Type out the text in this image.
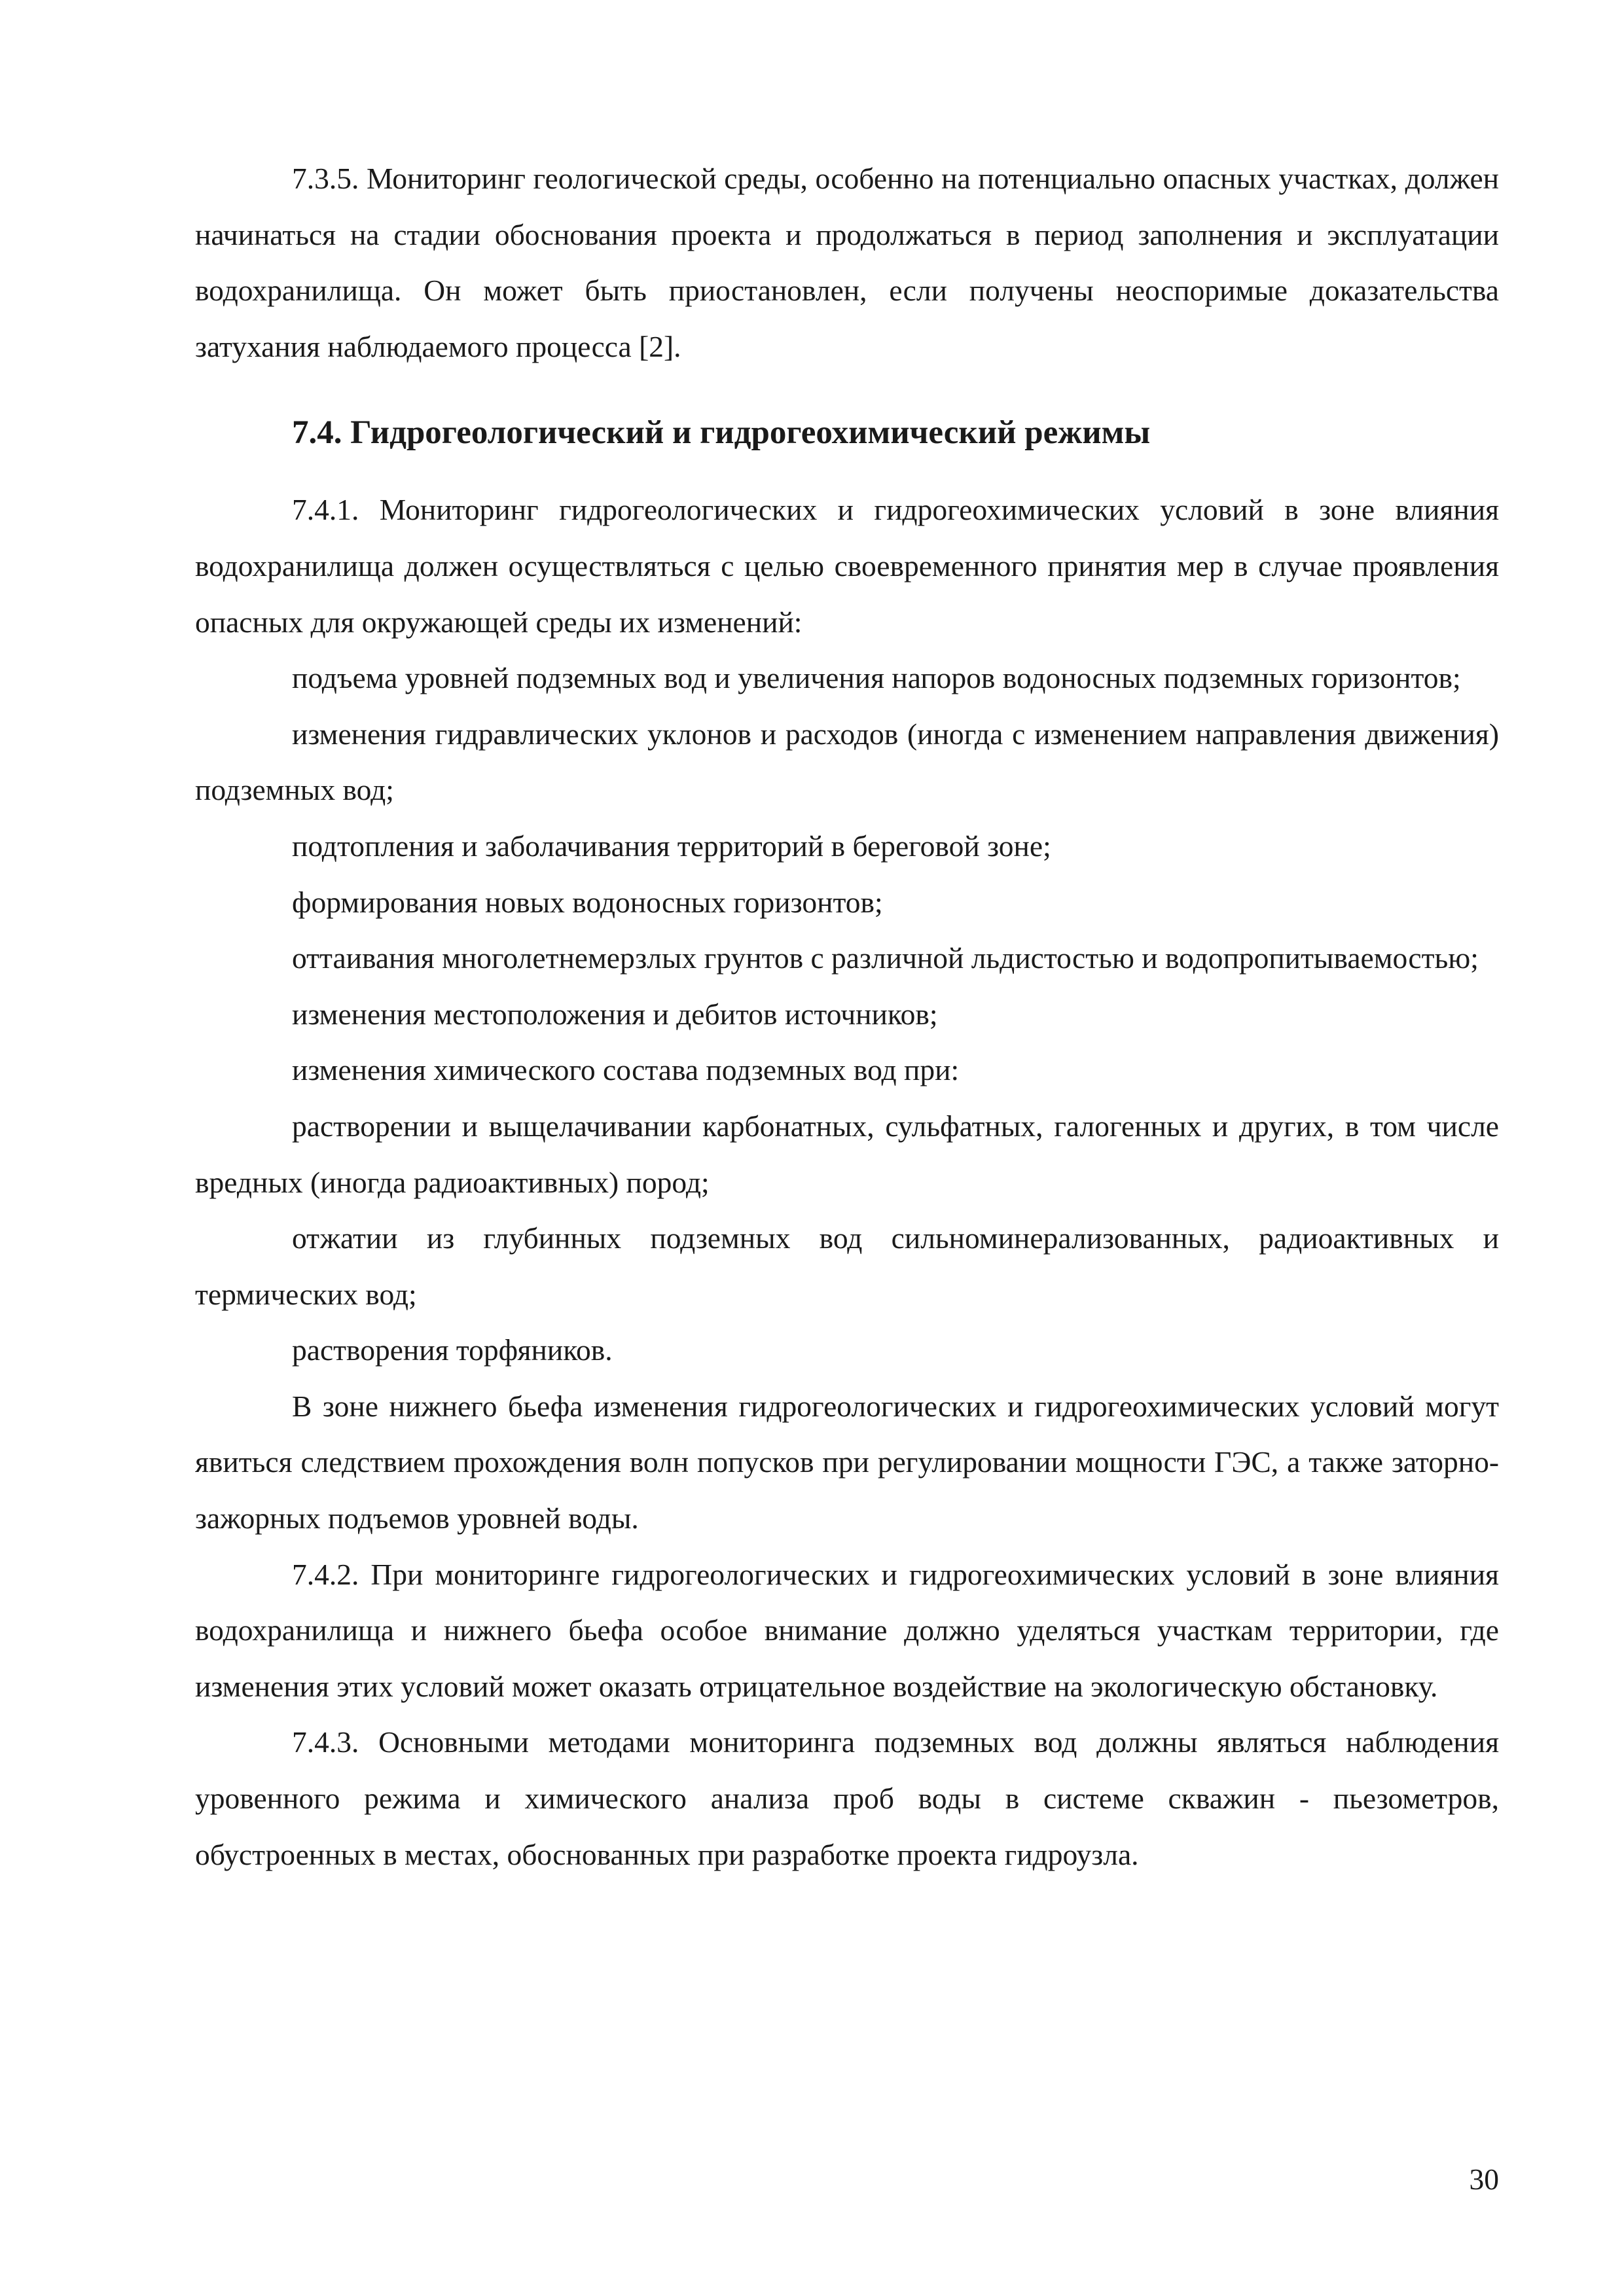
7.3.5. Мониторинг геологической среды, особенно на потенциально опасных участках, должен начинаться на стадии обоснования проекта и продолжаться в период заполнения и эксплуатации водохранилища. Он может быть приостановлен, если получены неоспоримые доказательства затухания наблюдаемого процесса [2].

7.4. Гидрогеологический и гидрогеохимический режимы

7.4.1. Мониторинг гидрогеологических и гидрогеохимических условий в зоне влияния водохранилища должен осуществляться с целью своевременного принятия мер в случае проявления опасных для окружающей среды их изменений:

подъема уровней подземных вод и увеличения напоров водоносных подземных горизонтов;

изменения гидравлических уклонов и расходов (иногда с изменением направления движения) подземных вод;

подтопления и заболачивания территорий в береговой зоне;

формирования новых водоносных горизонтов;

оттаивания многолетнемерзлых грунтов с различной льдистостью и водопропитываемостью;

изменения местоположения и дебитов источников;

изменения химического состава подземных вод при:

растворении и выщелачивании карбонатных, сульфатных, галогенных и других, в том числе вредных (иногда радиоактивных) пород;

отжатии из глубинных подземных вод сильноминерализованных, радиоактивных и термических вод;

растворения торфяников.

В зоне нижнего бьефа изменения гидрогеологических и гидрогеохимических условий могут явиться следствием прохождения волн попусков при регулировании мощности ГЭС, а также заторно-зажорных подъемов уровней воды.

7.4.2. При мониторинге гидрогеологических и гидрогеохимических условий в зоне влияния водохранилища и нижнего бьефа особое внимание должно уделяться участкам территории, где изменения этих условий может оказать отрицательное воздействие на экологическую обстановку.

7.4.3. Основными методами мониторинга подземных вод должны являться наблюдения уровенного режима и химического анализа проб воды в системе скважин - пьезометров, обустроенных в местах, обоснованных при разработке проекта гидроузла.

30
